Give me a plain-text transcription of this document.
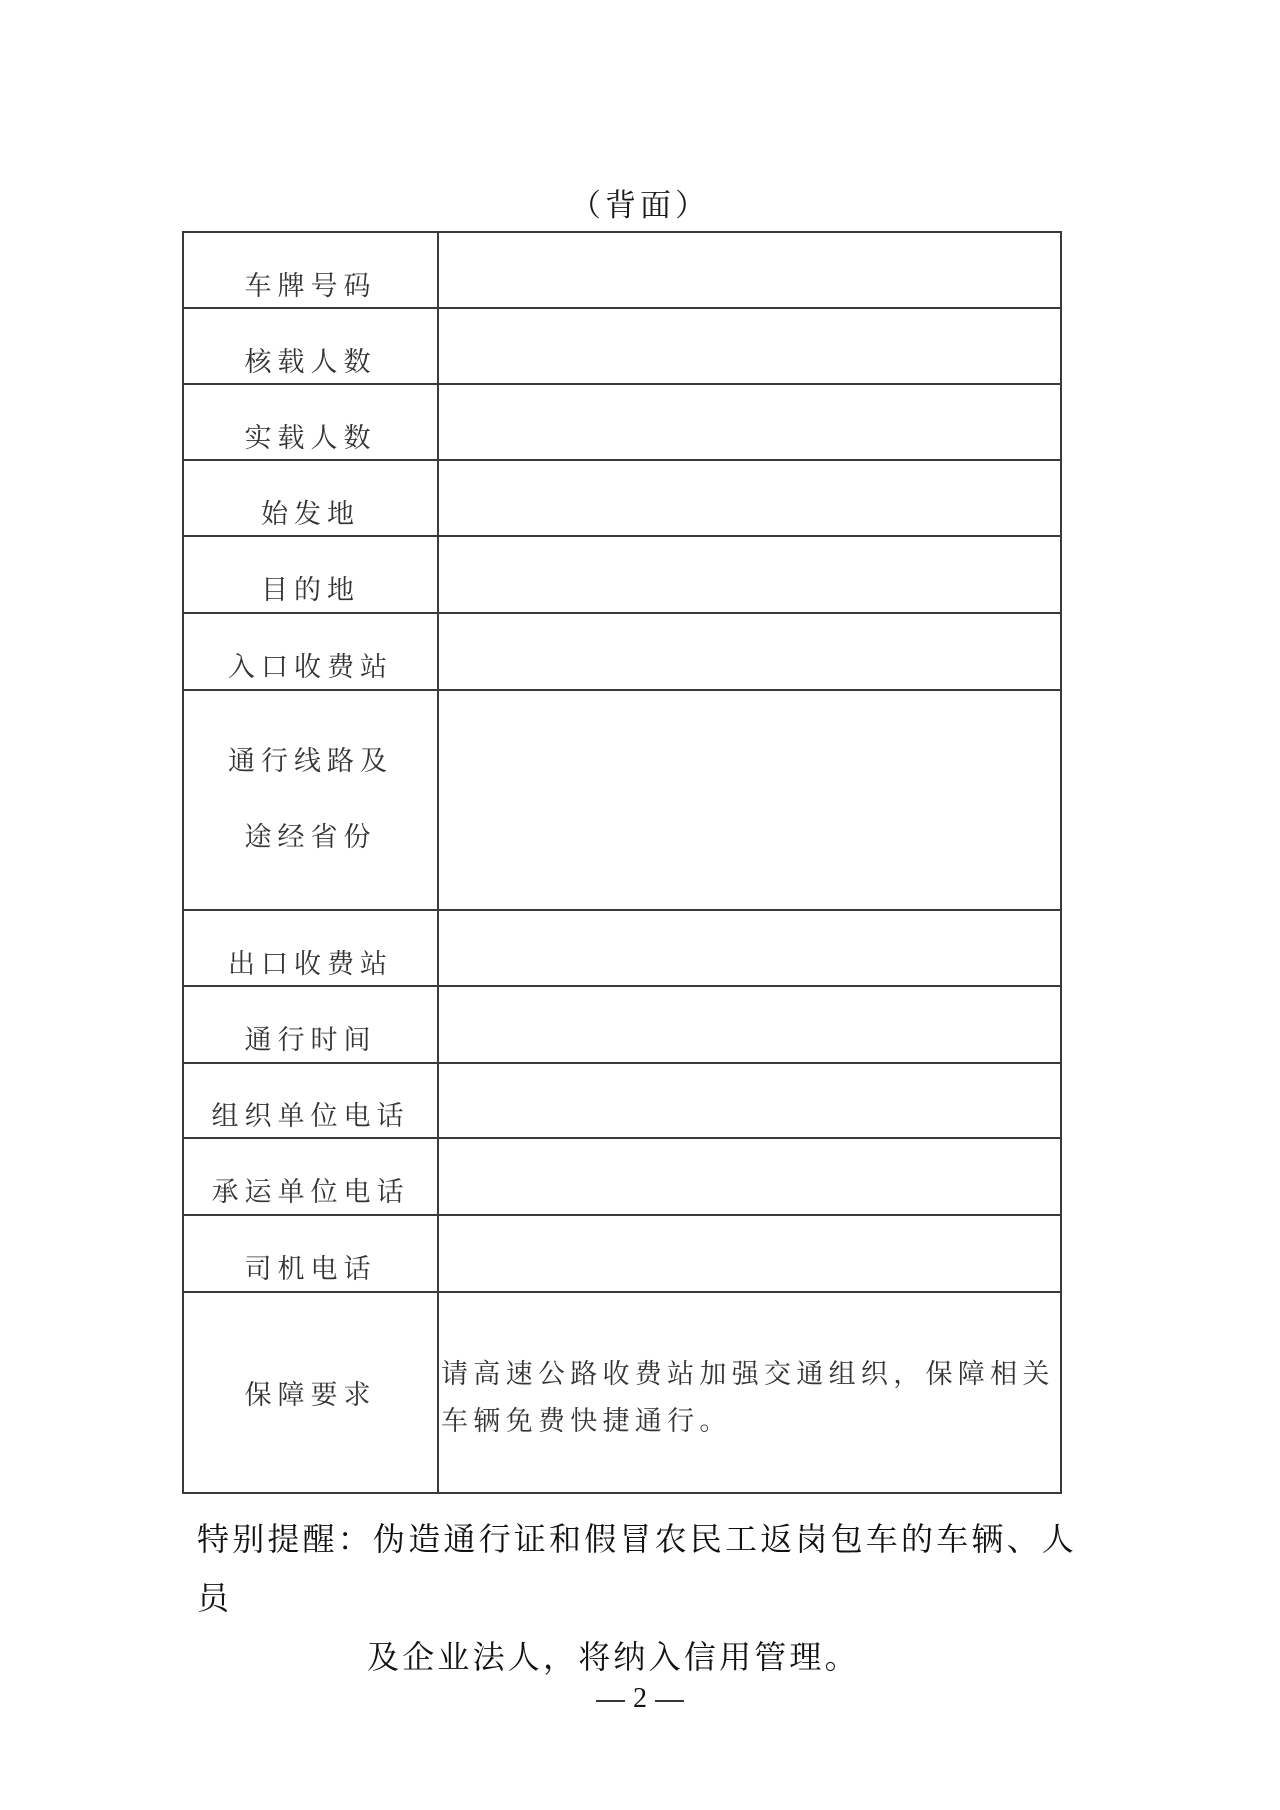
（背面）
车牌号码	
核载人数	
实载人数	
始发地	
目的地	
入口收费站	

通行线路及
途经省份	

出口收费站	
通行时间	
组织单位电话	
承运单位电话	
司机电话	
保障要求	请高速公路收费站加强交通组织，保障相关车辆免费快捷通行。
特别提醒：伪造通行证和假冒农民工返岗包车的车辆、人员
及企业法人，将纳入信用管理。
2
